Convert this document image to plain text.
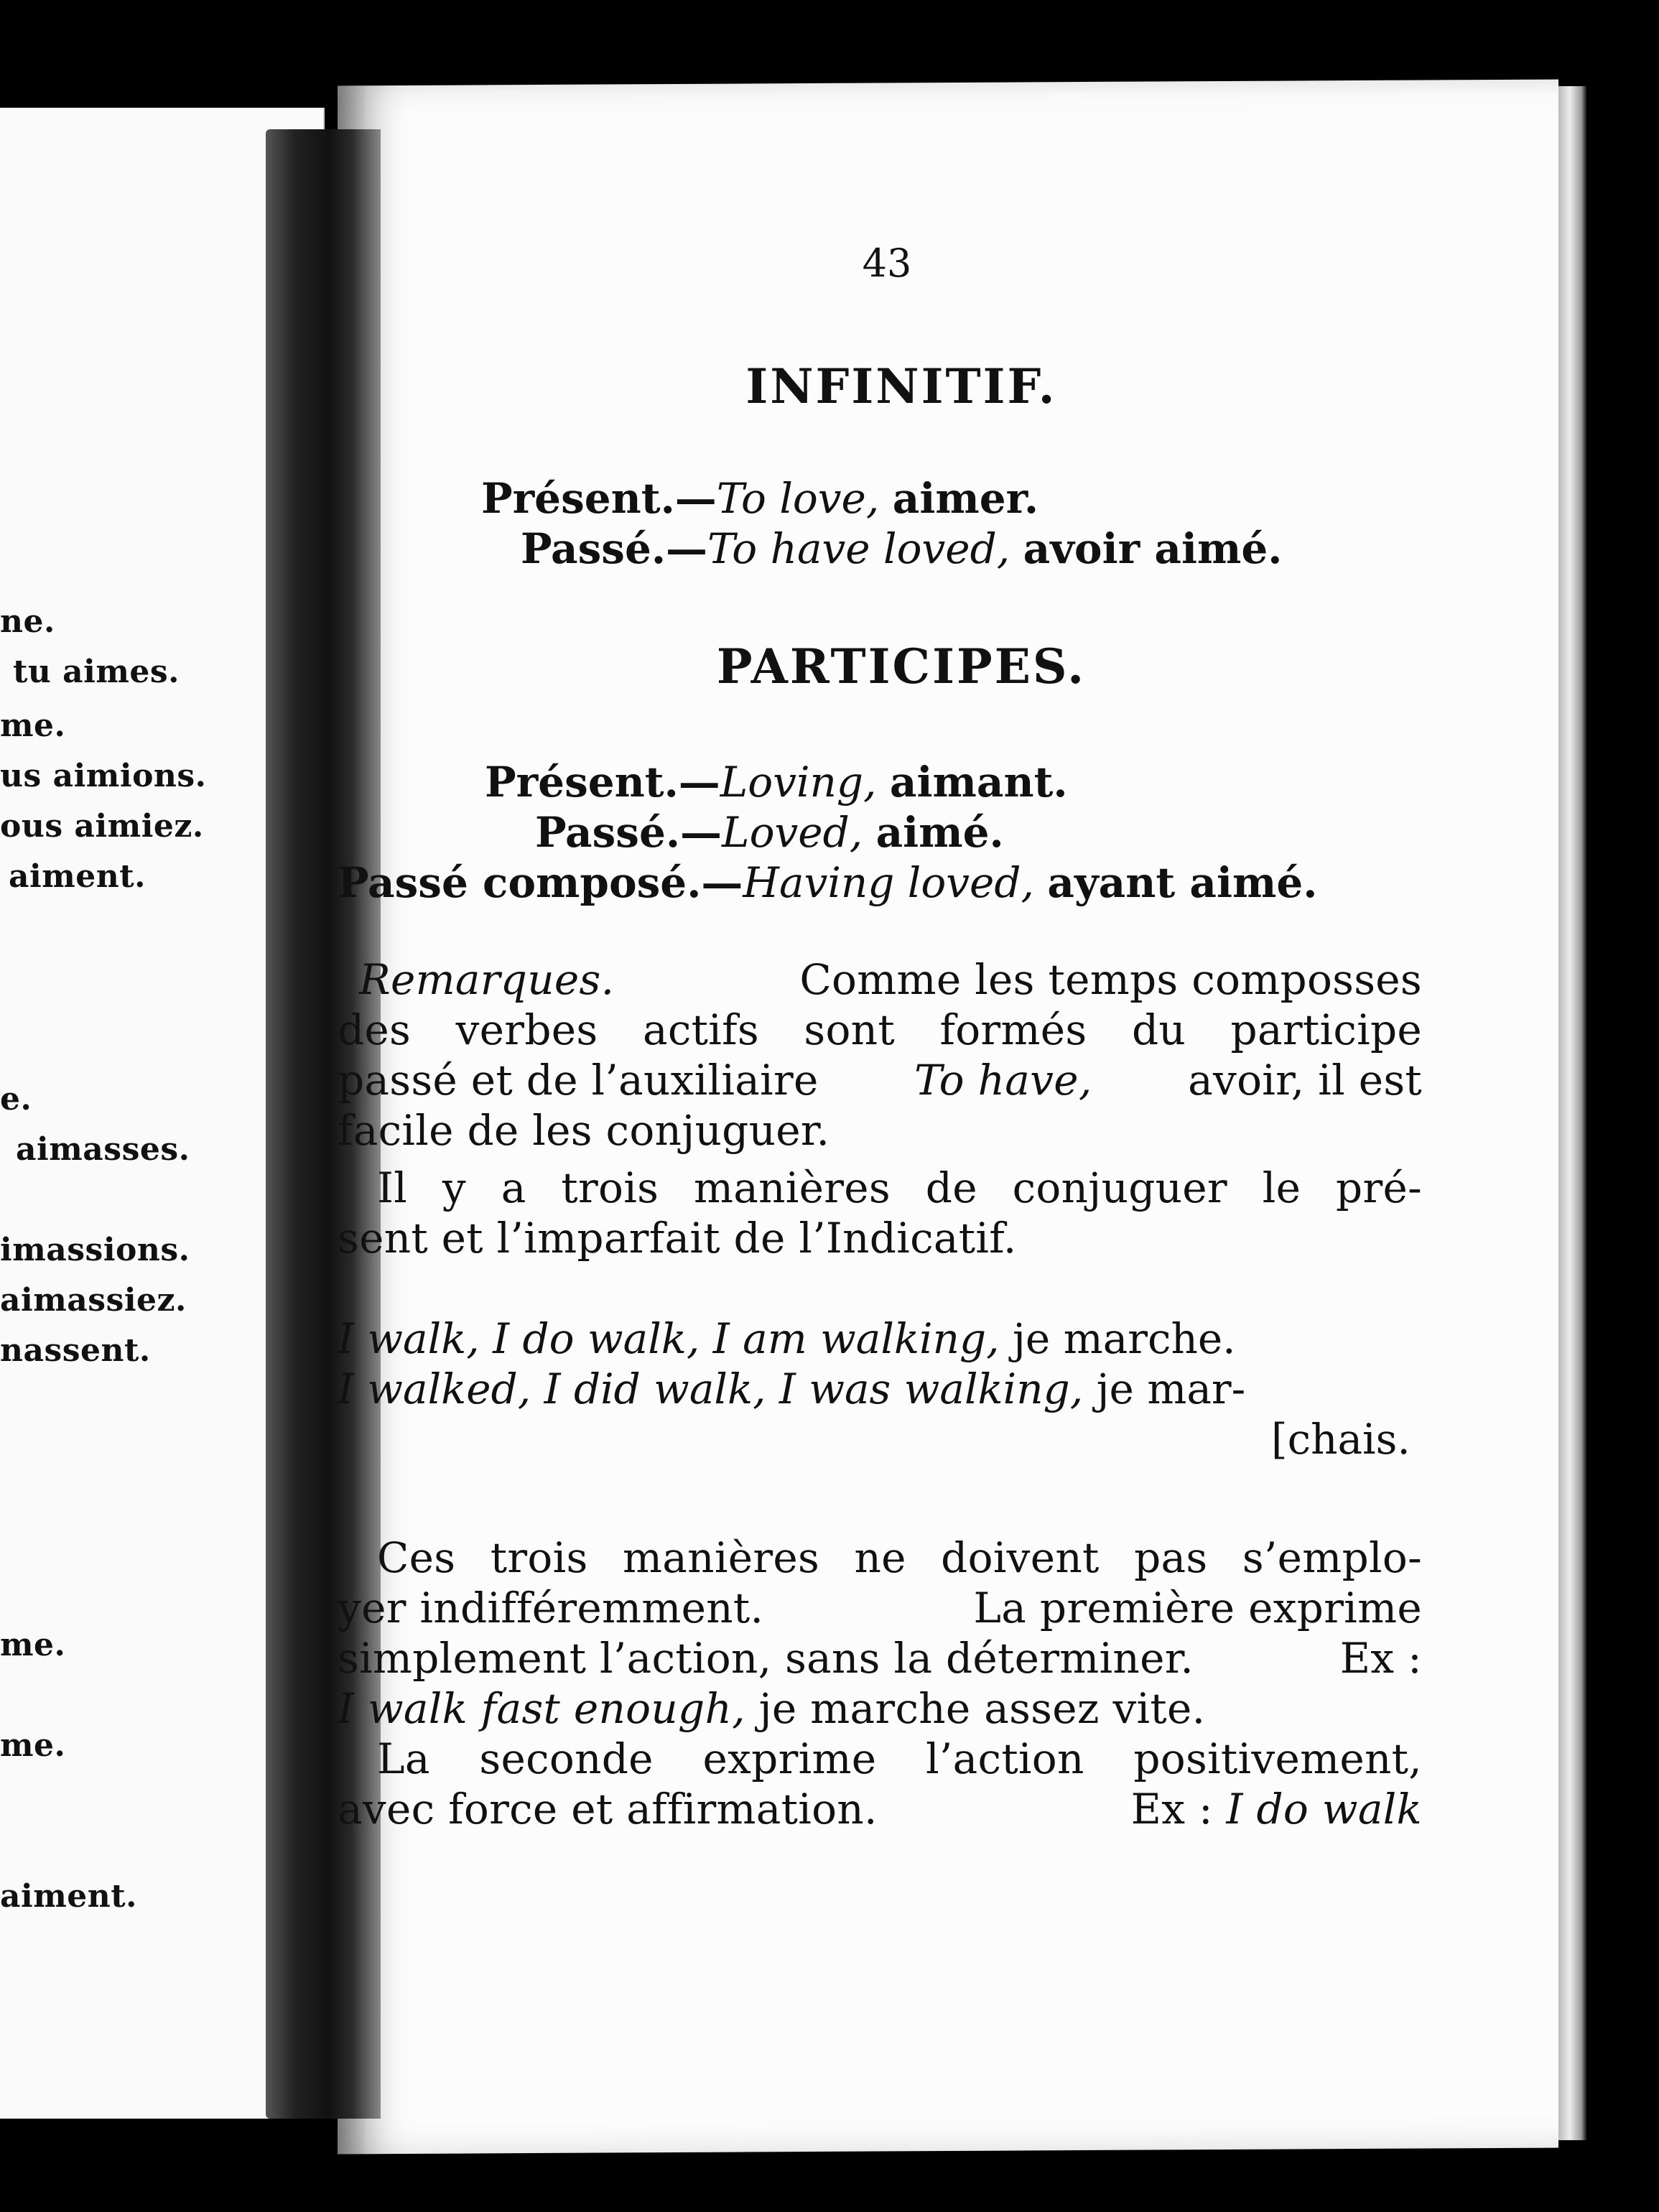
ne.
tu aimes.
me.
us aimions.
ous aimiez.
aiment.
e.
aimasses.
imassions.
aimassiez.
nassent.
me.
me.
aiment.
43
INFINITIF.
Présent.—To love, aimer.
Passé.—To have loved, avoir aimé.
PARTICIPES.
Présent.—Loving, aimant.
Passé.—Loved, aimé.
Passé composé.—Having loved, ayant aimé.
Remarques.	Comme les temps composses
des verbes actifs sont formés du participe
passé et de l’auxiliaire To have, avoir, il est
facile de les conjuguer.
Il y a trois manières de conjuguer le pré-
sent et l’imparfait de l’Indicatif.
I walk, I do walk, I am walking, je marche.
I walked, I did walk, I was walking, je mar-
[chais.
Ces trois manières ne doivent pas s’emplo-
yer indifféremment.	La première exprime
simplement l’action, sans la déterminer.	Ex :
I walk fast enough, je marche assez vite.
La seconde exprime l’action positivement,
avec force et affirmation.	Ex : I do walk
